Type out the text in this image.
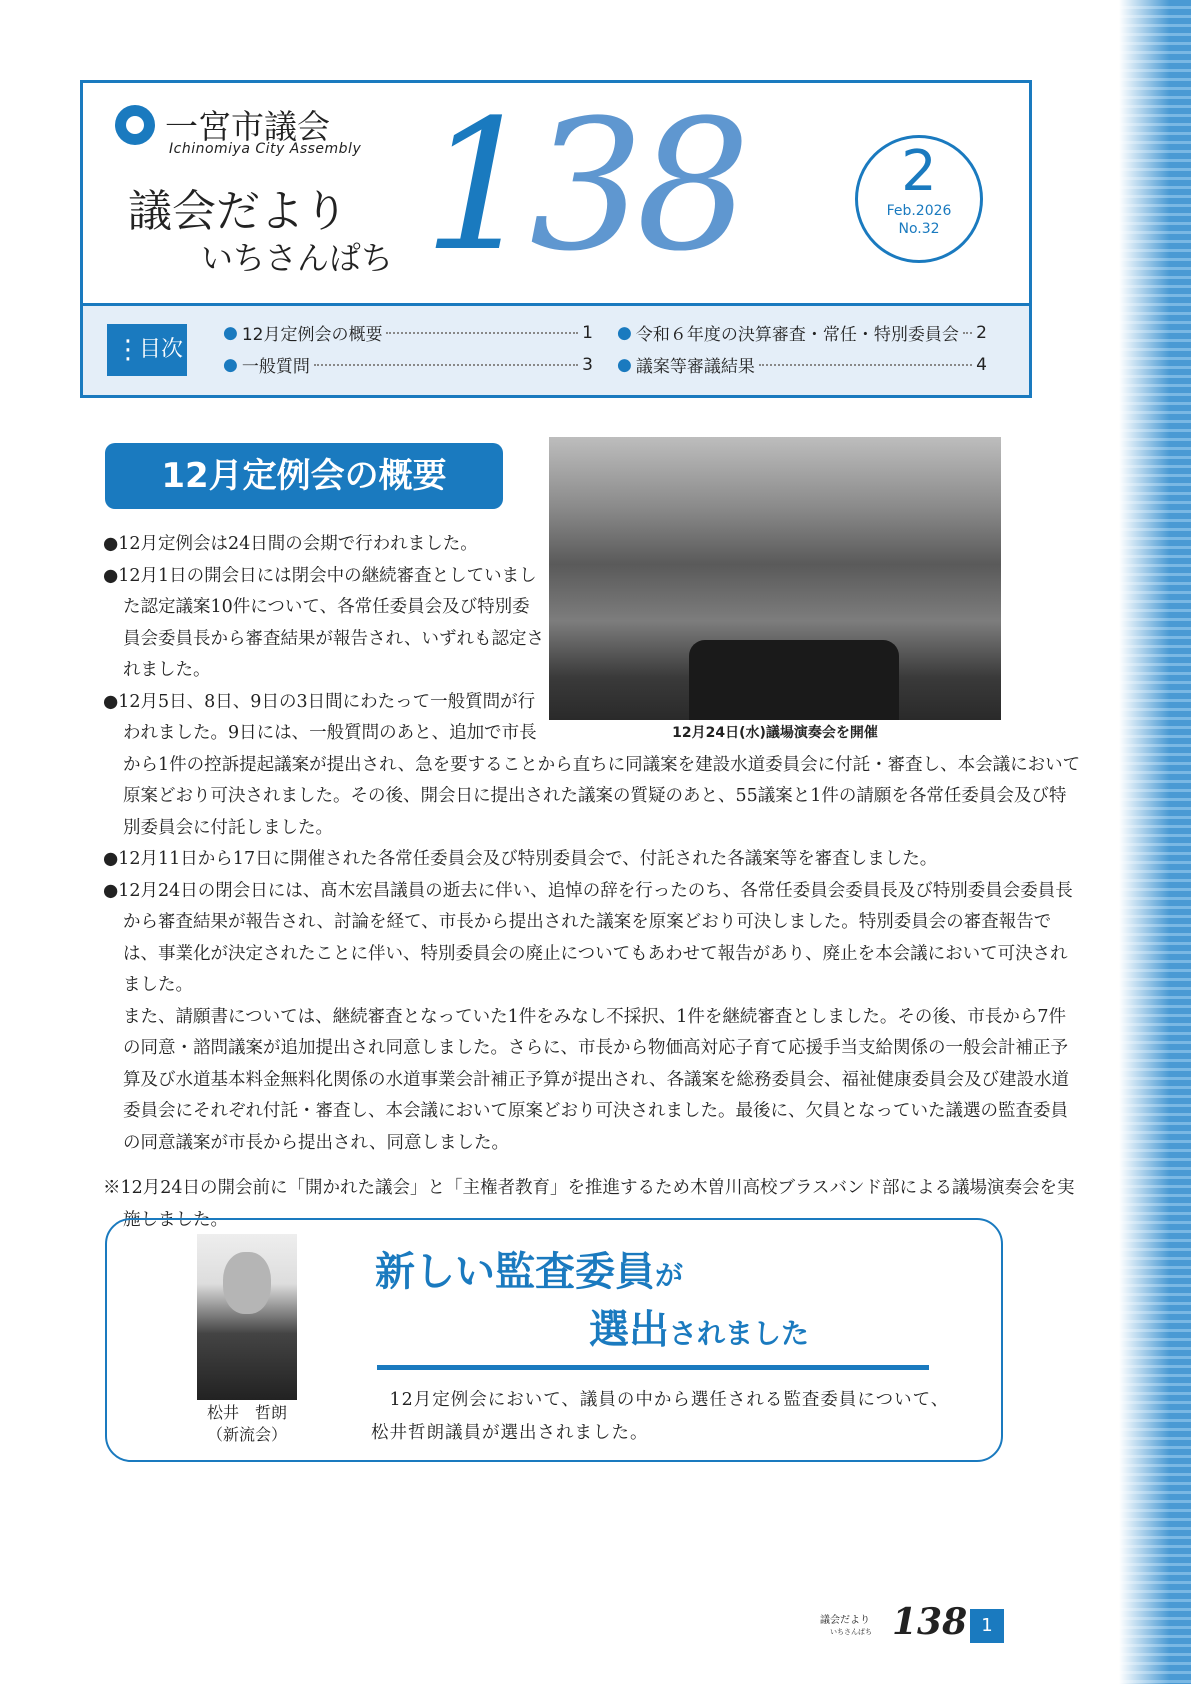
一宮市議会
Ichinomiya City Assembly
議会だより
いちさんぱち 138	2
Feb.2026
No.32
⋮ 目次
● 12月定例会の概要	1
● 一般質問	3
● 令和６年度の決算審査・常任・特別委員会 2
● 議案等審議結果	4
12月定例会の概要
12月24日(水)議場演奏会を開催

●12月定例会は24日間の会期で行われました。

●12月1日の開会日には閉会中の継続審査としていました認定議案10件について、各常任委員会及び特別委員会委員長から審査結果が報告され、いずれも認定されました。

●12月5日、8日、9日の3日間にわたって一般質問が行われました。9日には、一般質問のあと、追加で市長から1件の控訴提起議案が提出され、急を要することから直ちに同議案を建設水道委員会に付託・審査し、本会議において原案どおり可決されました。その後、開会日に提出された議案の質疑のあと、55議案と1件の請願を各常任委員会及び特別委員会に付託しました。

●12月11日から17日に開催された各常任委員会及び特別委員会で、付託された各議案等を審査しました。

●12月24日の閉会日には、髙木宏昌議員の逝去に伴い、追悼の辞を行ったのち、各常任委員会委員長及び特別委員会委員長から審査結果が報告され、討論を経て、市長から提出された議案を原案どおり可決しました。特別委員会の審査報告では、事業化が決定されたことに伴い、特別委員会の廃止についてもあわせて報告があり、廃止を本会議において可決されました。

また、請願書については、継続審査となっていた1件をみなし不採択、1件を継続審査としました。その後、市長から7件の同意・諮問議案が追加提出され同意しました。さらに、市長から物価高対応子育て応援手当支給関係の一般会計補正予算及び水道基本料金無料化関係の水道事業会計補正予算が提出され、各議案を総務委員会、福祉健康委員会及び建設水道委員会にそれぞれ付託・審査し、本会議において原案どおり可決されました。最後に、欠員となっていた議選の監査委員の同意議案が市長から提出され、同意しました。

※12月24日の開会前に「開かれた議会」と「主権者教育」を推進するため木曽川高校ブラスバンド部による議場演奏会を実施しました。

松井　哲朗
（新流会）
新しい監査委員が
選出されました
　12月定例会において、議員の中から選任される監査委員について、
松井哲朗議員が選出されました。
議会だより
いちさんぱち 138 1
